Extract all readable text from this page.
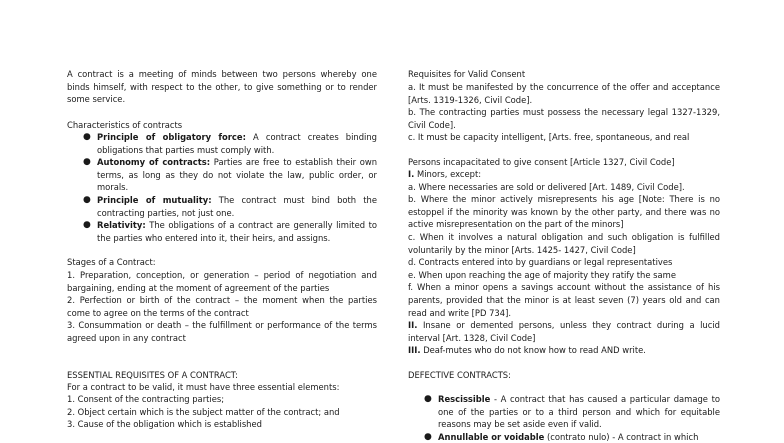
A contract is a meeting of minds between two persons whereby one binds himself, with respect to the other, to give something or to render some service.

Characteristics of contracts

● Principle of obligatory force: A contract creates binding obligations that parties must comply with.
● Autonomy of contracts: Parties are free to establish their own terms, as long as they do not violate the law, public order, or morals.
● Principle of mutuality: The contract must bind both the contracting parties, not just one.
● Relativity: The obligations of a contract are generally limited to the parties who entered into it, their heirs, and assigns.

Stages of a Contract:

1. Preparation, conception, or generation – period of negotiation and bargaining, ending at the moment of agreement of the parties

2. Perfection or birth of the contract – the moment when the parties come to agree on the terms of the contract

3. Consummation or death – the fulfillment or performance of the terms agreed upon in any contract

ESSENTIAL REQUISITES OF A CONTRACT:

For a contract to be valid, it must have three essential elements:

1. Consent of the contracting parties;

2. Object certain which is the subject matter of the contract; and

3. Cause of the obligation which is established

Requisites for Valid Consent

a. It must be manifested by the concurrence of the offer and acceptance [Arts. 1319-1326, Civil Code].

b. The contracting parties must possess the necessary legal 1327-1329, Civil Code].

c. It must be capacity intelligent, [Arts. free, spontaneous, and real

Persons incapacitated to give consent [Article 1327, Civil Code]

I. Minors, except:

a. Where necessaries are sold or delivered [Art. 1489, Civil Code].

b. Where the minor actively misrepresents his age [Note: There is no estoppel if the minority was known by the other party, and there was no active misrepresentation on the part of the minors]

c. When it involves a natural obligation and such obligation is fulfilled voluntarily by the minor [Arts. 1425- 1427, Civil Code]

d. Contracts entered into by guardians or legal representatives

e. When upon reaching the age of majority they ratify the same

f. When a minor opens a savings account without the assistance of his parents, provided that the minor is at least seven (7) years old and can read and write [PD 734].

II. Insane or demented persons, unless they contract during a lucid interval [Art. 1328, Civil Code]

III. Deaf-mutes who do not know how to read AND write.

DEFECTIVE CONTRACTS:

● Rescissible - A contract that has caused a particular damage to one of the parties or to a third person and which for equitable reasons may be set aside even if valid.
● Annullable or voidable (contrato nulo) - A contract in which
